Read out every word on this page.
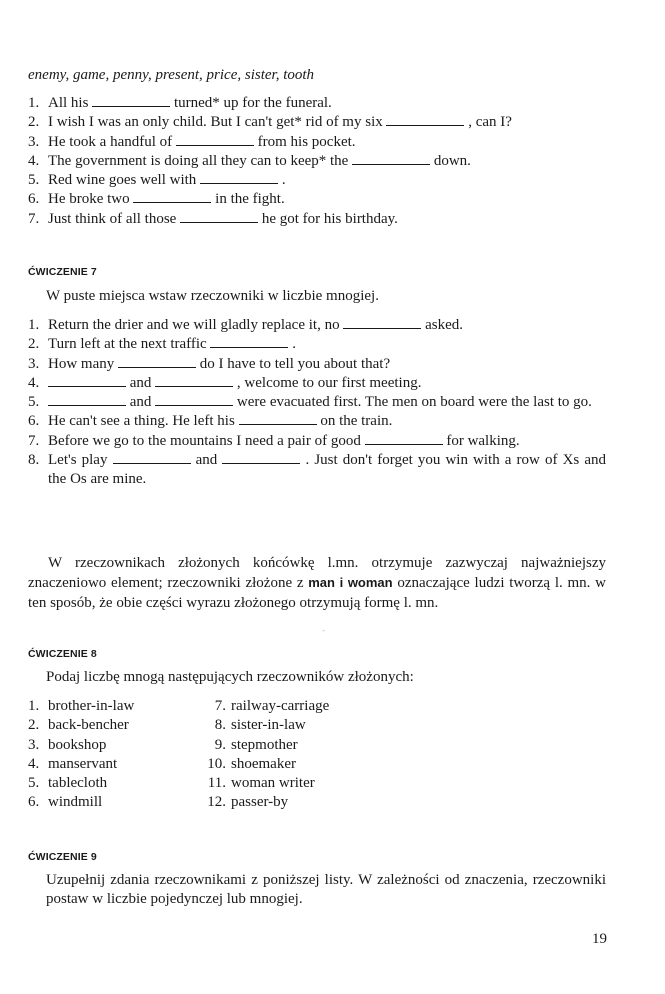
enemy, game, penny, present, price, sister, tooth
1. All his	turned* up for the funeral.
2. I wish I was an only child. But I can't get* rid of my six	, can I?
3. He took a handful of	from his pocket.
4. The government is doing all they can to keep* the	down.
5. Red wine goes well with	.
6. He broke two	in the fight.
7. Just think of all those	he got for his birthday.
ĆWICZENIE 7
W puste miejsca wstaw rzeczowniki w liczbie mnogiej.
1. Return the drier and we will gladly replace it, no	asked.
2. Turn left at the next traffic	.
3. How many	do I have to tell you about that?
4.	and	, welcome to our first meeting.
5.	and	were evacuated first. The men on board were the last to go.
6. He can't see a thing. He left his	on the train.
7. Before we go to the mountains I need a pair of good	for walking.
8. Let's play	and	. Just don't forget you win with a row of Xs and the Os are mine.
W rzeczownikach złożonych końcówkę l.mn. otrzymuje zazwyczaj najważniejszy znaczeniowo element; rzeczowniki złożone z man i woman oznaczające ludzi tworzą l. mn. w ten sposób, że obie części wyrazu złożonego otrzymują formę l. mn.
-
ĆWICZENIE 8
Podaj liczbę mnogą następujących rzeczowników złożonych:
1. brother-in-law
2. back-bencher
3. bookshop
4. manservant
5. tablecloth
6. windmill
7. railway-carriage
8. sister-in-law
9. stepmother
10. shoemaker
11. woman writer
12. passer-by
ĆWICZENIE 9
Uzupełnij zdania rzeczownikami z poniższej listy. W zależności od znaczenia, rzeczowniki postaw w liczbie pojedynczej lub mnogiej.
19
